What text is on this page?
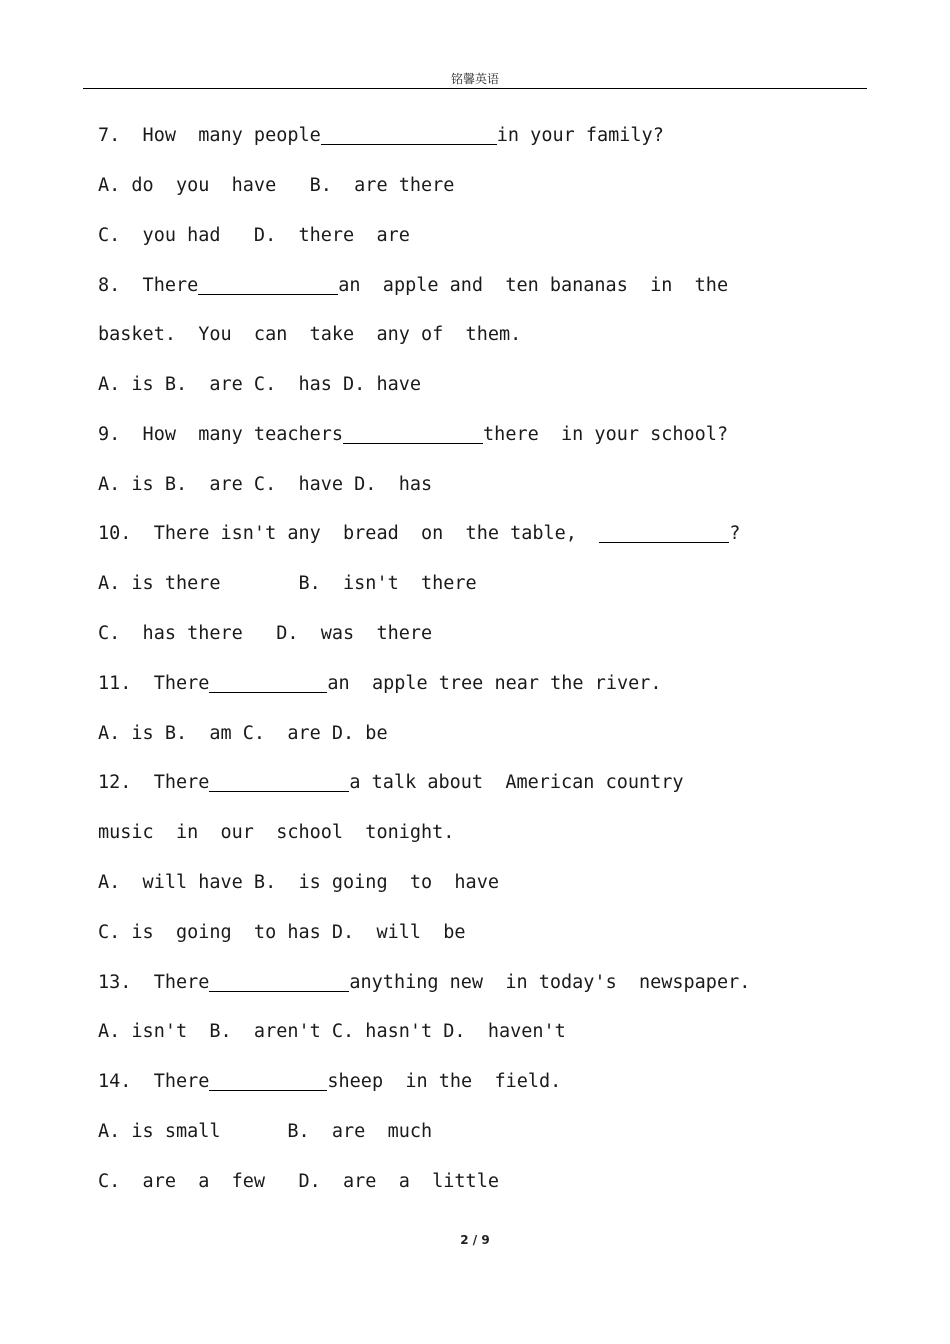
铭馨英语
7.  How  many people	in your family?
A. do  you  have   B.  are there
C.  you had   D.  there  are
8.  There	an  apple and  ten bananas  in  the
basket.  You  can  take  any of  them.
A. is B.  are C.  has D. have
9.  How  many teachers	there  in your school?
A. is B.  are C.  have D.  has
10.  There isn't any  bread  on  the table,	?
A. is there       B.  isn't  there
C.  has there   D.  was  there
11.  There	an  apple tree near the river.
A. is B.  am C.  are D. be
12.  There	a talk about  American country
music  in  our  school  tonight.
A.  will have B.  is going  to  have
C. is  going  to has D.  will  be
13.  There	anything new  in today's  newspaper.
A. isn't  B.  aren't C. hasn't D.  haven't
14.  There	sheep  in the  field.
A. is small      B.  are  much
C.  are  a  few   D.  are  a  little
2 / 9
